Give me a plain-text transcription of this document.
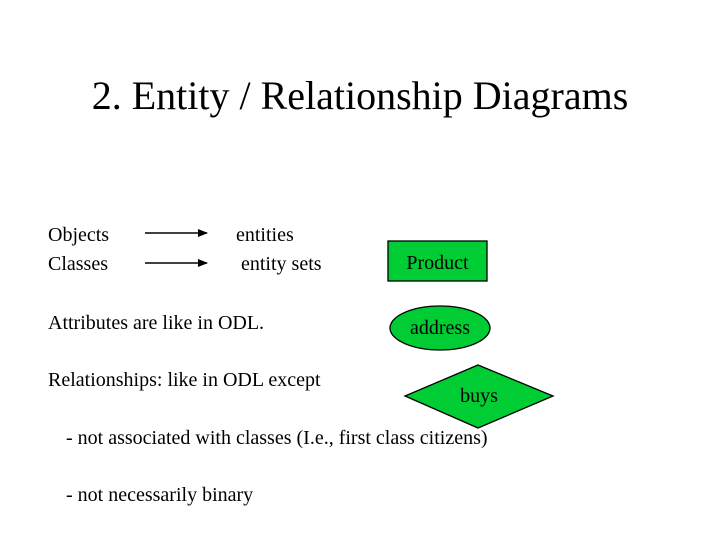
2. Entity / Relationship Diagrams
Objects
Classes
entities
entity sets
Attributes are like in ODL.
Relationships: like in ODL except
- not associated with classes (I.e., first class citizens)
- not necessarily binary
Product
address
buys
